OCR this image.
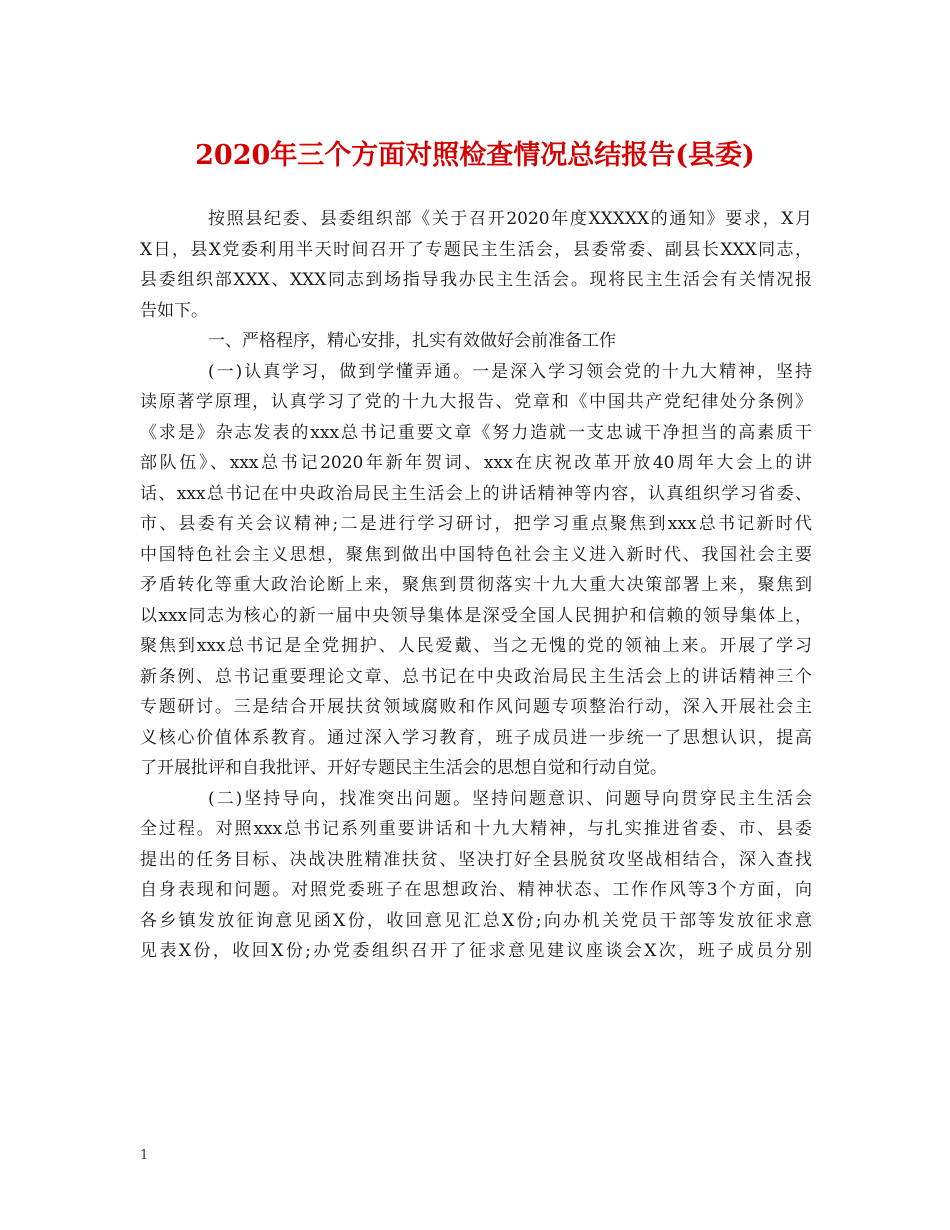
2020年三个方面对照检查情况总结报告(县委)
按照县纪委、县委组织部《关于召开2020年度XXXXX的通知》要求，X月
X日，县X党委利用半天时间召开了专题民主生活会，县委常委、副县长XXX同志，
县委组织部XXX、XXX同志到场指导我办民主生活会。现将民主生活会有关情况报
告如下。
一、严格程序，精心安排，扎实有效做好会前准备工作
(一)认真学习，做到学懂弄通。一是深入学习领会党的十九大精神，坚持
读原著学原理，认真学习了党的十九大报告、党章和《中国共产党纪律处分条例》
《求是》杂志发表的xxx总书记重要文章《努力造就一支忠诚干净担当的高素质干
部队伍》、xxx总书记2020年新年贺词、xxx在庆祝改革开放40周年大会上的讲
话、xxx总书记在中央政治局民主生活会上的讲话精神等内容，认真组织学习省委、
市、县委有关会议精神;二是进行学习研讨，把学习重点聚焦到xxx总书记新时代
中国特色社会主义思想，聚焦到做出中国特色社会主义进入新时代、我国社会主要
矛盾转化等重大政治论断上来，聚焦到贯彻落实十九大重大决策部署上来，聚焦到
以xxx同志为核心的新一届中央领导集体是深受全国人民拥护和信赖的领导集体上，
聚焦到xxx总书记是全党拥护、人民爱戴、当之无愧的党的领袖上来。开展了学习
新条例、总书记重要理论文章、总书记在中央政治局民主生活会上的讲话精神三个
专题研讨。三是结合开展扶贫领域腐败和作风问题专项整治行动，深入开展社会主
义核心价值体系教育。通过深入学习教育，班子成员进一步统一了思想认识，提高
了开展批评和自我批评、开好专题民主生活会的思想自觉和行动自觉。
(二)坚持导向，找准突出问题。坚持问题意识、问题导向贯穿民主生活会
全过程。对照xxx总书记系列重要讲话和十九大精神，与扎实推进省委、市、县委
提出的任务目标、决战决胜精准扶贫、坚决打好全县脱贫攻坚战相结合，深入查找
自身表现和问题。对照党委班子在思想政治、精神状态、工作作风等3个方面，向
各乡镇发放征询意见函X份，收回意见汇总X份;向办机关党员干部等发放征求意
见表X份，收回X份;办党委组织召开了征求意见建议座谈会X次，班子成员分别
1
